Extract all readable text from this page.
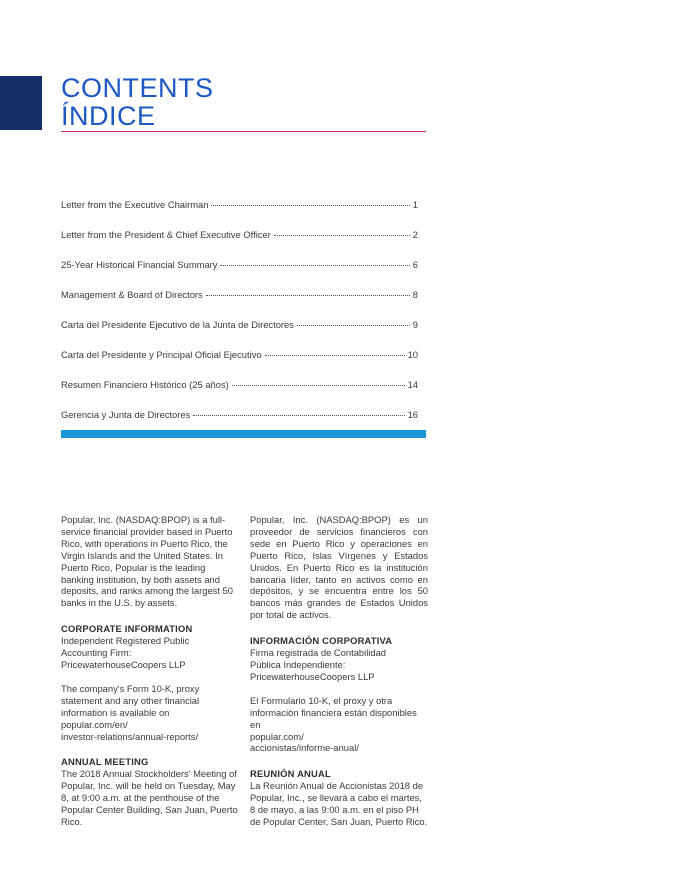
CONTENTS
ÍNDICE
Letter from the Executive Chairman	1
Letter from the President & Chief Executive Officer	2
25-Year Historical Financial Summary	6
Management & Board of Directors	8
Carta del Presidente Ejecutivo de la Junta de Directores	9
Carta del Presidente y Principal Oficial Ejecutivo	10
Resumen Financiero Histórico (25 años)	14
Gerencia y Junta de Directores	16

Popular, Inc. (NASDAQ:BPOP) is a full-service financial provider based in Puerto Rico, with operations in Puerto Rico, the Virgin Islands and the United States. In Puerto Rico, Popular is the leading banking institution, by both assets and deposits, and ranks among the largest 50 banks in the U.S. by assets.

CORPORATE INFORMATION

Independent Registered Public

Accounting Firm:

PricewaterhouseCoopers LLP

The company's Form 10-K, proxy statement and any other financial information is available on

popular.com/en/

investor-relations/annual-reports/

ANNUAL MEETING

The 2018 Annual Stockholders' Meeting of Popular, Inc. will be held on Tuesday, May 8, at 9:00 a.m. at the penthouse of the Popular Center Building, San Juan, Puerto Rico.

Popular, Inc. (NASDAQ:BPOP) es un proveedor de servicios financieros con sede en Puerto Rico y operaciones en Puerto Rico, Islas Vírgenes y Estados Unidos. En Puerto Rico es la institución bancaria líder, tanto en activos como en depósitos, y se encuentra entre los 50 bancos más grandes de Estados Unidos por total de activos.

INFORMACIÓN CORPORATIVA

Firma registrada de Contabilidad

Pública Independiente:

PricewaterhouseCoopers LLP

El Formulario 10-K, el proxy y otra información financiera están disponibles en

popular.com/

accionistas/informe-anual/

REUNIÓN ANUAL

La Reunión Anual de Accionistas 2018 de Popular, Inc., se llevará a cabo el martes, 8 de mayo, a las 9:00 a.m. en el piso PH de Popular Center, San Juan, Puerto Rico.
